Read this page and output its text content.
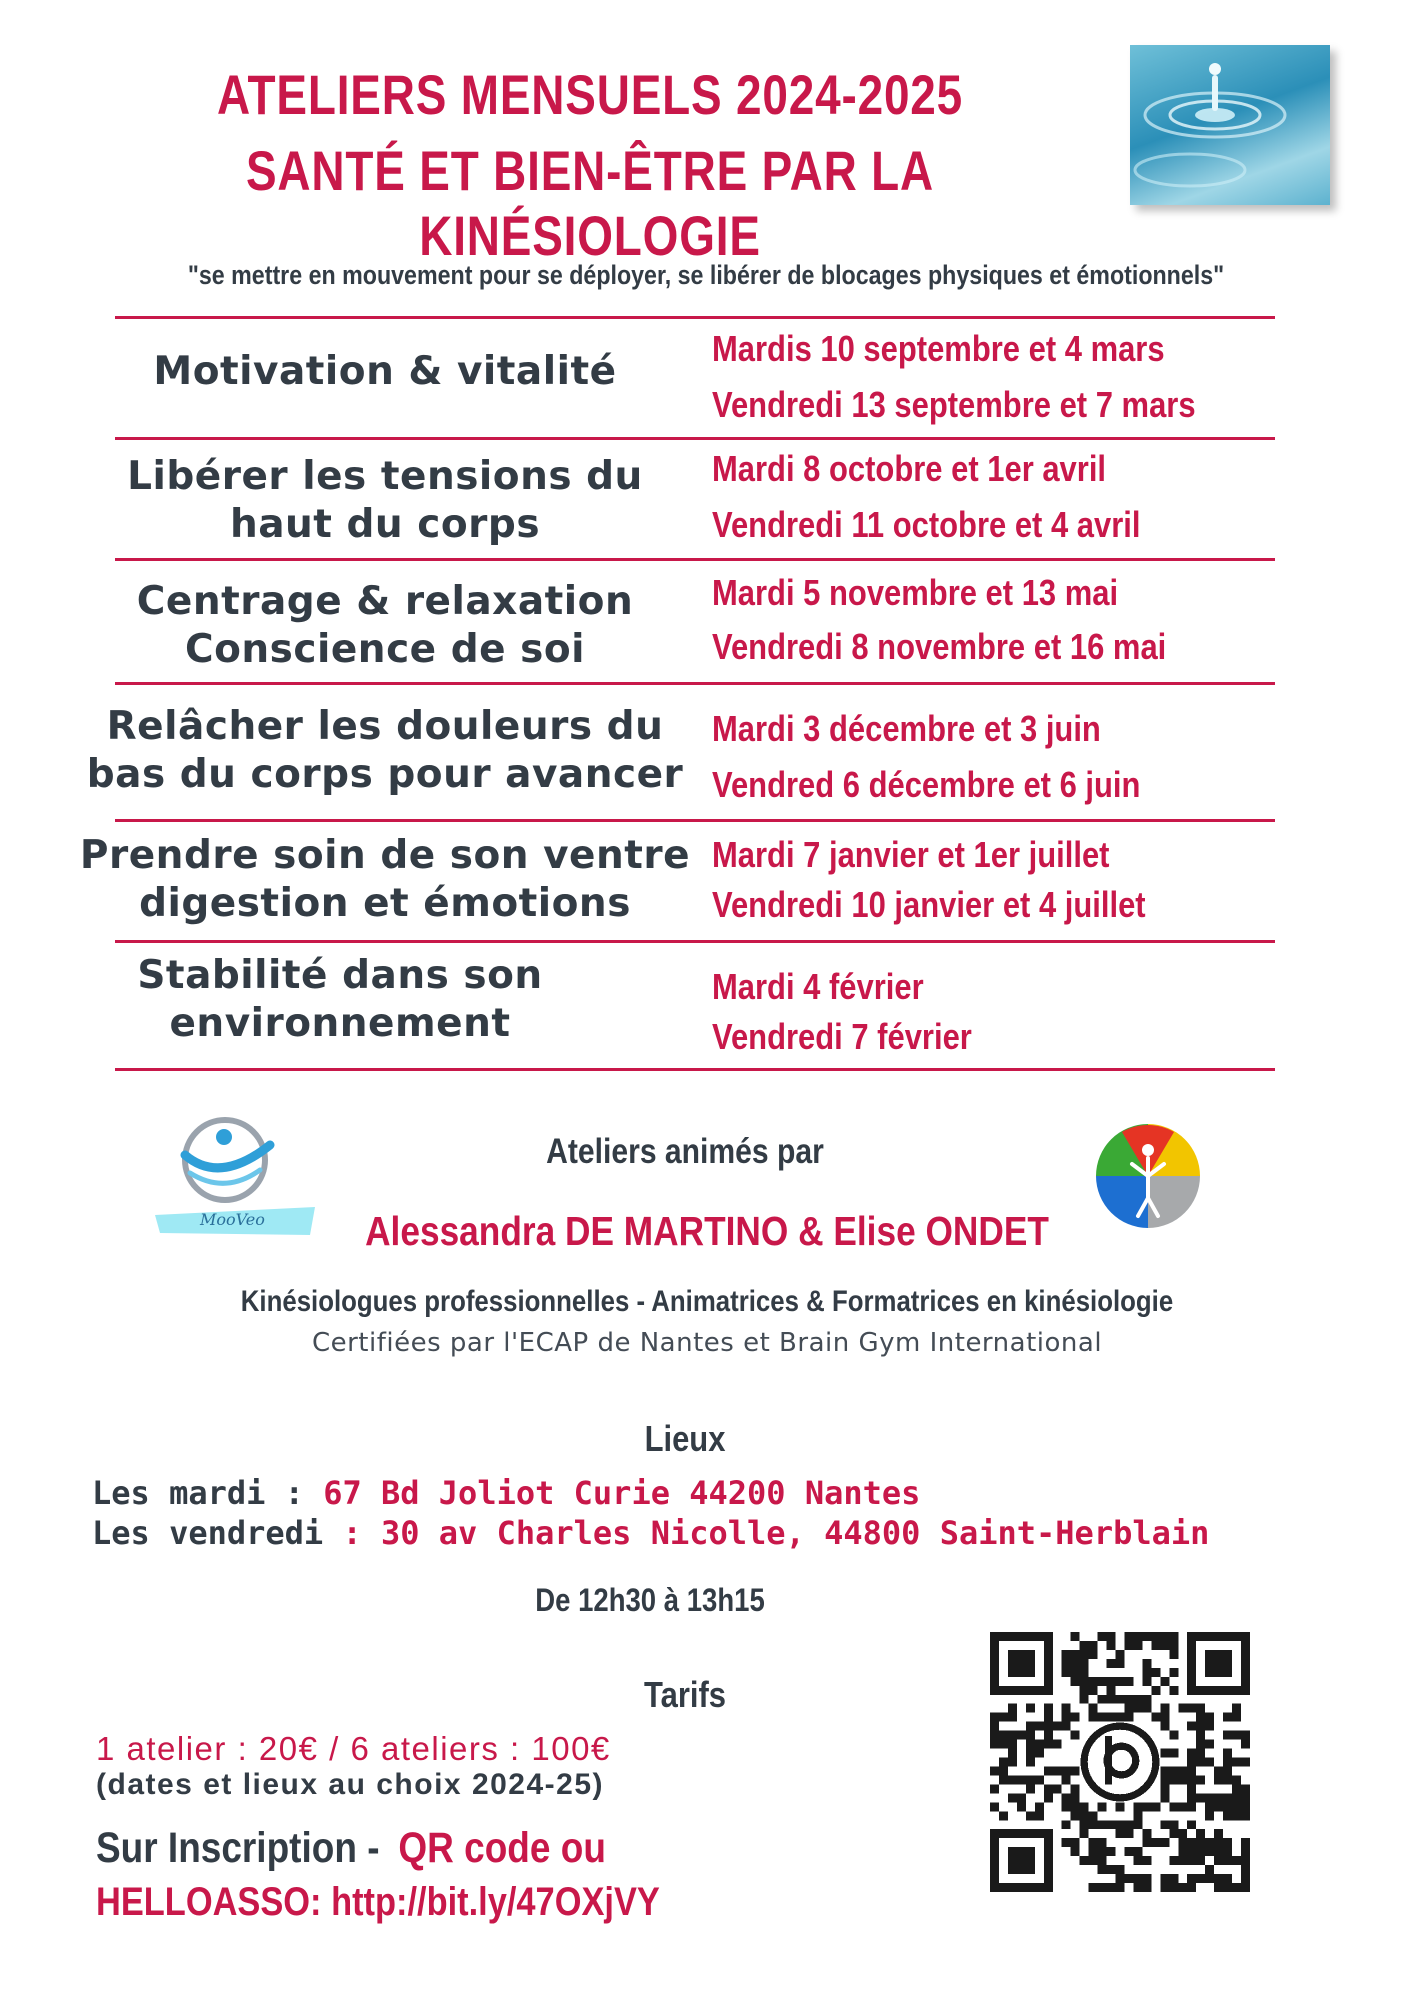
ATELIERS MENSUELS 2024-2025
SANTÉ ET BIEN-ÊTRE PAR LA KINÉSIOLOGIE
"se mettre en mouvement pour se déployer, se libérer de blocages physiques et émotionnels"
Motivation & vitalité
Mardis 10 septembre et 4 mars
Vendredi 13 septembre et 7 mars
Libérer les tensions du
haut du corps
Mardi 8 octobre et 1er avril
Vendredi 11 octobre et 4 avril
Centrage & relaxation
Conscience de soi
Mardi 5 novembre et 13 mai
Vendredi 8 novembre et 16 mai
Relâcher les douleurs du
bas du corps pour avancer
Mardi 3 décembre et 3 juin
Vendred 6 décembre et 6 juin
Prendre soin de son ventre
digestion et émotions
Mardi 7 janvier et 1er juillet
Vendredi 10 janvier et 4 juillet
Stabilité dans son
environnement
Mardi 4 février
Vendredi 7 février
MooVeo
Ateliers animés par
Alessandra DE MARTINO & Elise ONDET
Kinésiologues professionnelles - Animatrices & Formatrices en kinésiologie
Certifiées par l'ECAP de Nantes et Brain Gym International
Lieux
Les mardi : 67 Bd Joliot Curie 44200 Nantes
Les vendredi : 30 av Charles Nicolle, 44800 Saint-Herblain
De 12h30 à 13h15
Tarifs
1 atelier : 20€ / 6 ateliers : 100€
(dates et lieux au choix 2024-25)
Sur Inscription - QR code ou
HELLOASSO: http://bit.ly/47OXjVY
